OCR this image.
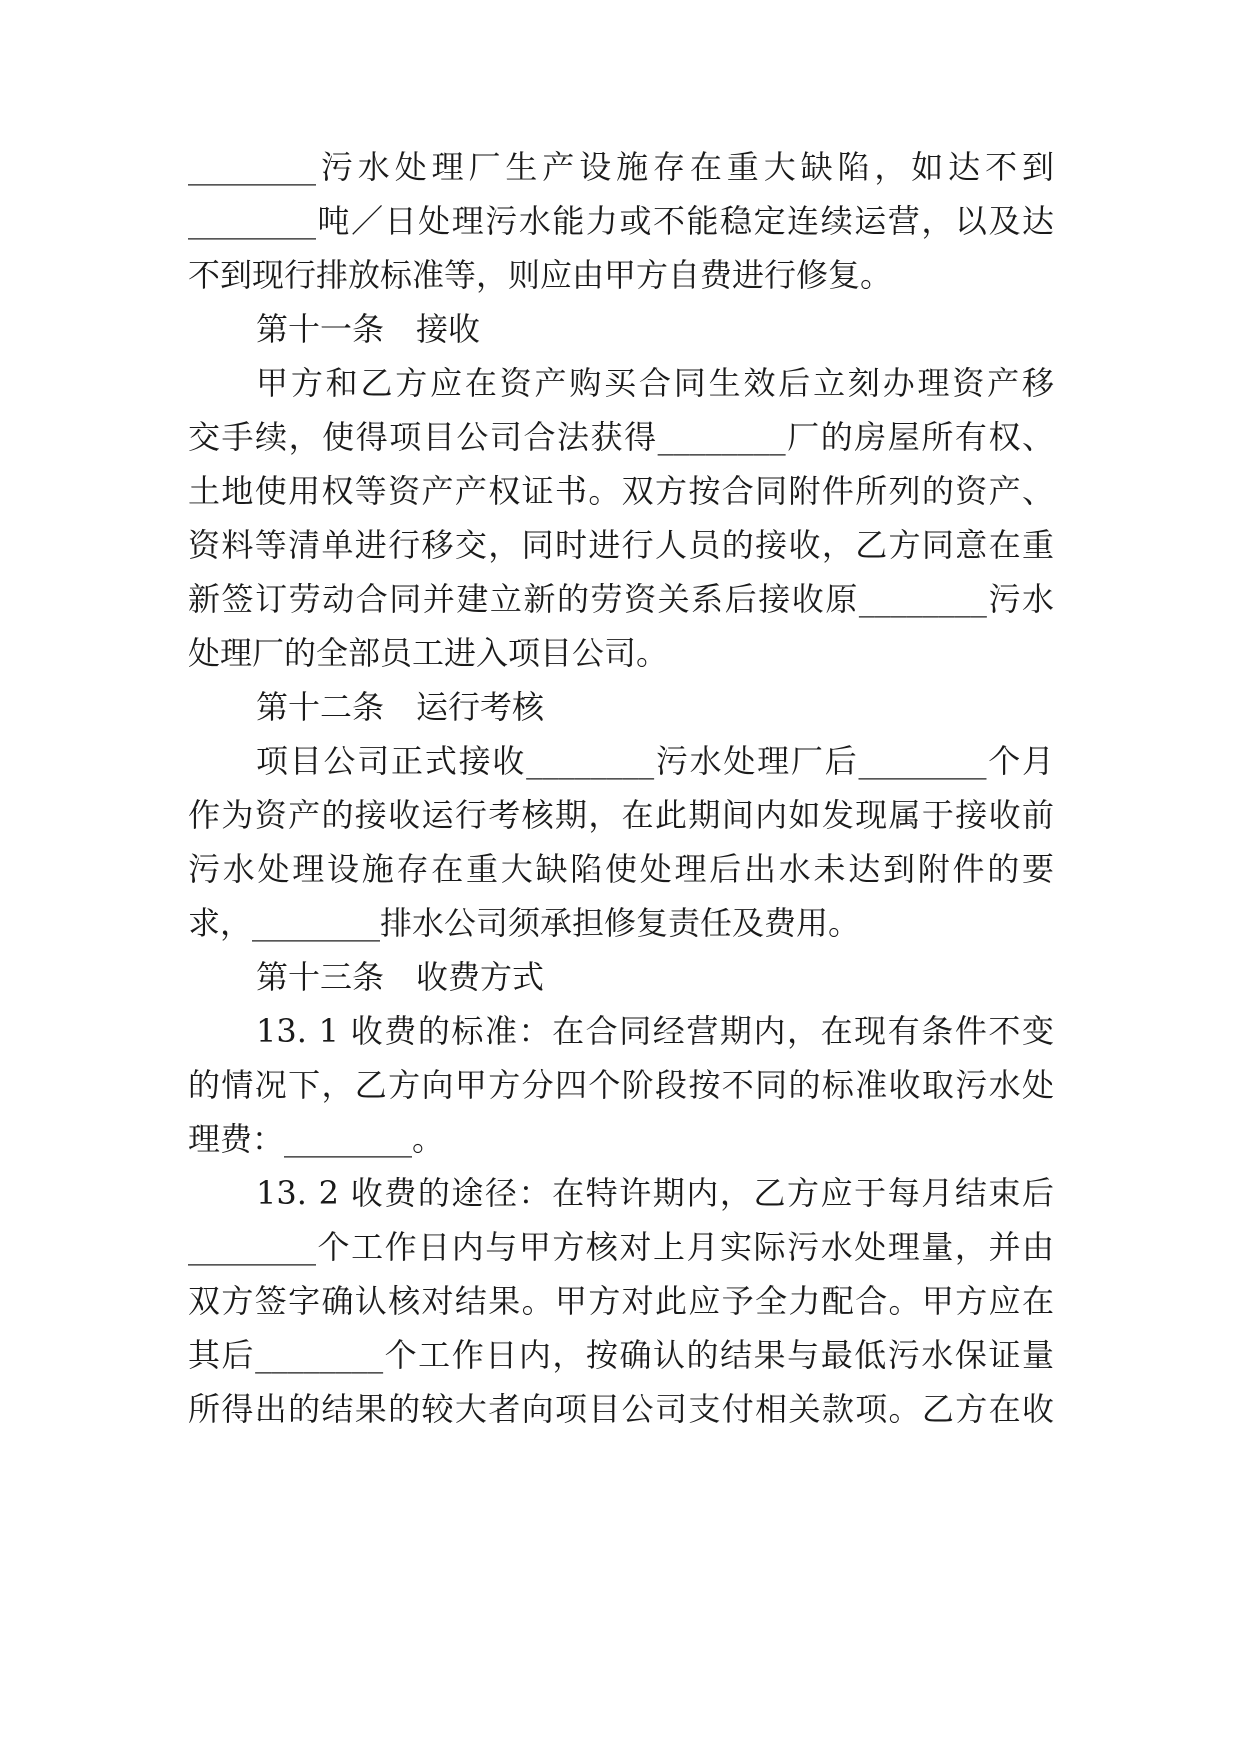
________污水处理厂生产设施存在重大缺陷，如达不到
________吨／日处理污水能力或不能稳定连续运营，以及达
不到现行排放标准等，则应由甲方自费进行修复。
第十一条　接收
甲方和乙方应在资产购买合同生效后立刻办理资产移
交手续，使得项目公司合法获得________厂的房屋所有权、
土地使用权等资产产权证书。双方按合同附件所列的资产、
资料等清单进行移交，同时进行人员的接收，乙方同意在重
新签订劳动合同并建立新的劳资关系后接收原________污水
处理厂的全部员工进入项目公司。
第十二条　运行考核
项目公司正式接收________污水处理厂后________个月
作为资产的接收运行考核期，在此期间内如发现属于接收前
污水处理设施存在重大缺陷使处理后出水未达到附件的要
求，________排水公司须承担修复责任及费用。
第十三条　收费方式
13. 1 收费的标准：在合同经营期内，在现有条件不变
的情况下，乙方向甲方分四个阶段按不同的标准收取污水处
理费：________。
13. 2 收费的途径：在特许期内，乙方应于每月结束后
________个工作日内与甲方核对上月实际污水处理量，并由
双方签字确认核对结果。甲方对此应予全力配合。甲方应在
其后________个工作日内，按确认的结果与最低污水保证量
所得出的结果的较大者向项目公司支付相关款项。乙方在收
